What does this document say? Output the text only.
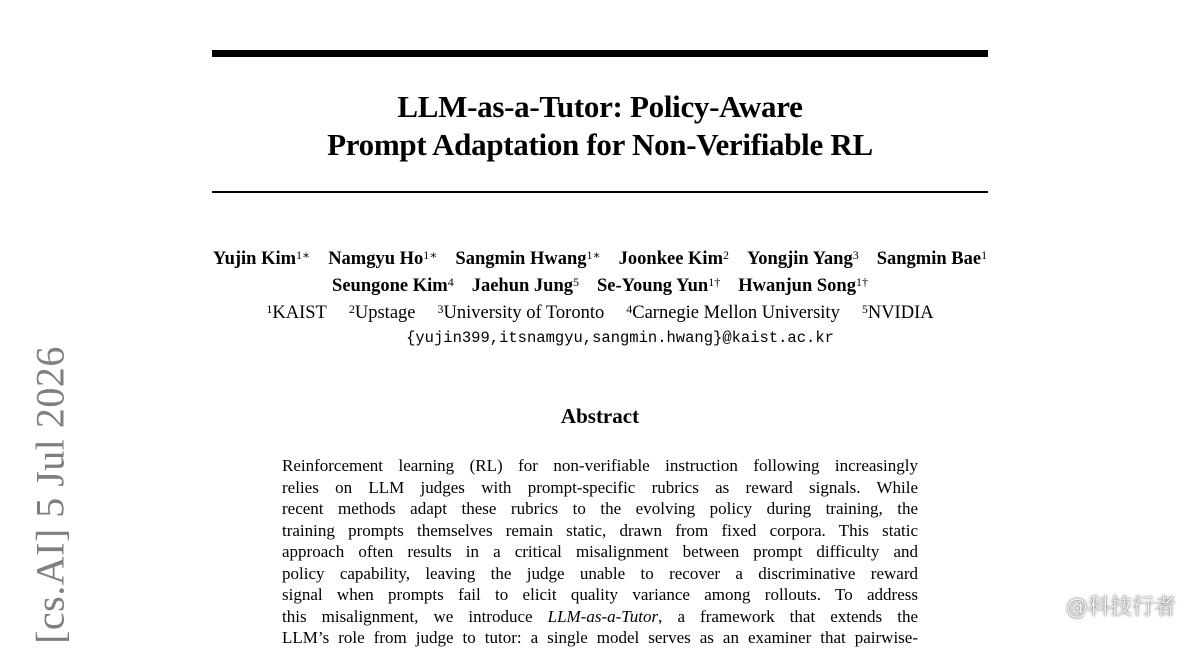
LLM-as-a-Tutor: Policy-Aware
Prompt Adaptation for Non-Verifiable RL
Yujin Kim$^{1∗}$ Namgyu $Ho^{1∗}$ Sangmin Hwang$^{1∗}$ Joonkee Kim$^2$ Yongjin Yang$^3$ Sangmin Bae$^1$
Seungone Kim$^4$ Jaehun Jung$^5$ Se-Young Yun$^{1\dagger}$ Hwanjun Song$^{1\dagger}$
$^1$KAIST $^2$Upstage $^3$University of Toronto $^4$Carnegie Mellon University $^5$NVIDIA
{yujin399,itsnamgyu,sangmin.hwang}@kaist.ac.kr
Abstract
Reinforcement learning (RL) for non-verifiable instruction following increasingly
relies on LLM judges with prompt-specific rubrics as reward signals. While
recent methods adapt these rubrics to the evolving policy during training, the
training prompts themselves remain static, drawn from fixed corpora. This static
approach often results in a critical misalignment between prompt difficulty and
policy capability, leaving the judge unable to recover a discriminative reward
signal when prompts fail to elicit quality variance among rollouts. To address
this misalignment, we introduce LLM-as-a-Tutor, a framework that extends the
LLM’s role from judge to tutor: a single model serves as an examiner that pairwise-
[cs.AI] 5 Jul 2026	@科技行者
